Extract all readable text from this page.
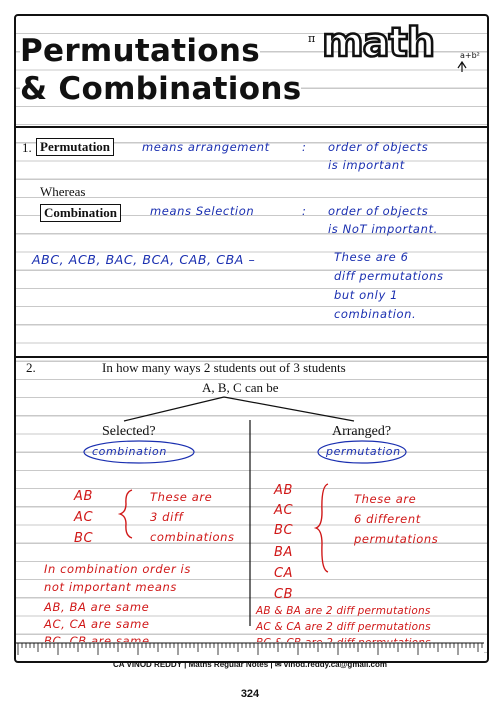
Permutations
& Combinations
π math	a+b²
1. Permutation	means arrangement	: order of objects
is important
Whereas
Combination	means Selection	: order of objects
is NoT important.
ABC, ACB, BAC, BCA, CAB, CBA –	These are 6
diff permutations
but only 1
combination.
2.	In how many ways 2 students out of 3 students
A, B, C can be
Selected?	Arranged?
combination	permutation
AB
AC
BC
These are
3 diff
combinations
AB
AC
BC
BA
CA
CB
These are
6 different
permutations
In combination order is
not important means
AB, BA are same
AC, CA are same
BC, CB are same
AB & BA are 2 diff permutations
AC & CA are 2 diff permutations
BC & CB are 2 diff permutations
CA VINOD REDDY | Maths Regular Notes | ✉ vinod.reddy.ca@gmail.com
324
